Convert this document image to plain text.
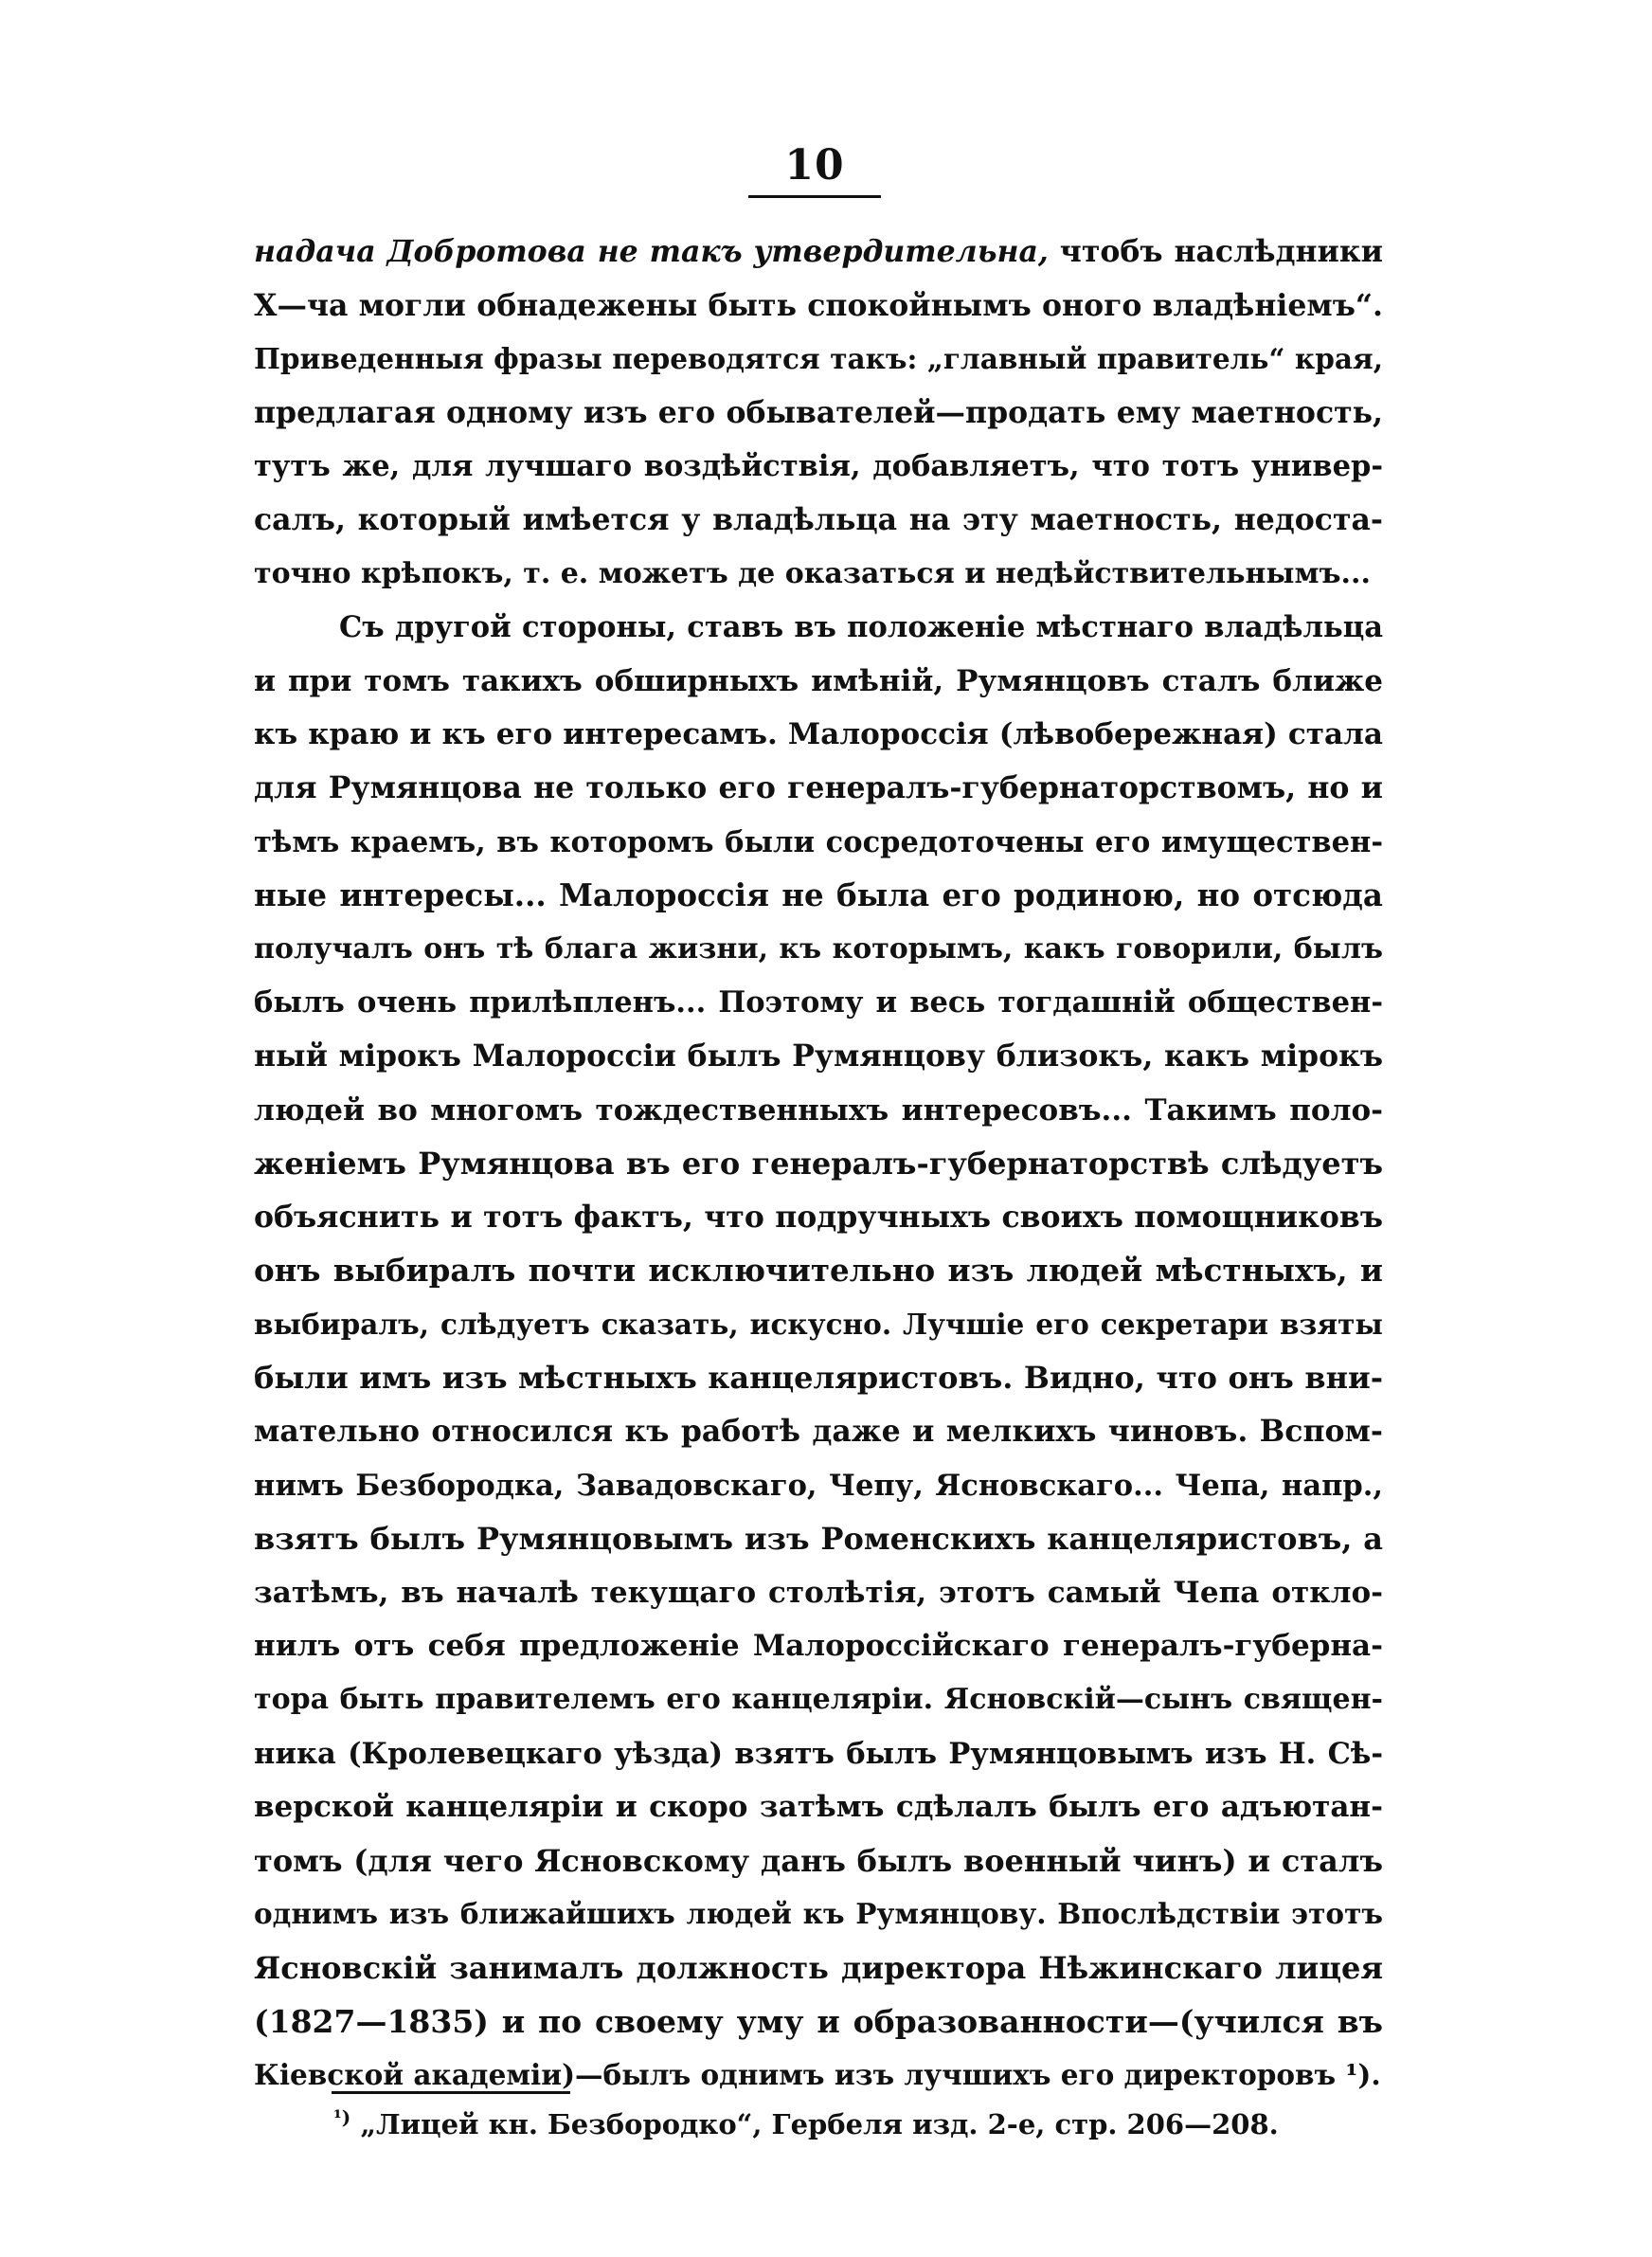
10
надача Добротова не такъ утвердительна, чтобъ наслѣдники
Х—ча могли обнадежены быть спокойнымъ оного владѣніемъ“.
Приведенныя фразы переводятся такъ: „главный правитель“ края,
предлагая одному изъ его обывателей—продать ему маетность,
тутъ же, для лучшаго воздѣйствія, добавляетъ, что тотъ универ-
салъ, который имѣется у владѣльца на эту маетность, недоста-
точно крѣпокъ, т. е. можетъ де оказаться и недѣйствительнымъ...
Съ другой стороны, ставъ въ положеніе мѣстнаго владѣльца
и при томъ такихъ обширныхъ имѣній, Румянцовъ сталъ ближе
къ краю и къ его интересамъ. Малороссія (лѣвобережная) стала
для Румянцова не только его генералъ-губернаторствомъ, но и
тѣмъ краемъ, въ которомъ были сосредоточены его имуществен-
ные интересы... Малороссія не была его родиною, но отсюда
получалъ онъ тѣ блага жизни, къ которымъ, какъ говорили, былъ
былъ очень прилѣпленъ... Поэтому и весь тогдашній обществен-
ный мірокъ Малороссіи былъ Румянцову близокъ, какъ мірокъ
людей во многомъ тождественныхъ интересовъ... Такимъ поло-
женіемъ Румянцова въ его генералъ-губернаторствѣ слѣдуетъ
объяснить и тотъ фактъ, что подручныхъ своихъ помощниковъ
онъ выбиралъ почти исключительно изъ людей мѣстныхъ, и
выбиралъ, слѣдуетъ сказать, искусно. Лучшіе его секретари взяты
были имъ изъ мѣстныхъ канцеляристовъ. Видно, что онъ вни-
мательно относился къ работѣ даже и мелкихъ чиновъ. Вспом-
нимъ Безбородка, Завадовскаго, Чепу, Ясновскаго... Чепа, напр.,
взятъ былъ Румянцовымъ изъ Роменскихъ канцеляристовъ, а
затѣмъ, въ началѣ текущаго столѣтія, этотъ самый Чепа откло-
нилъ отъ себя предложеніе Малороссійскаго генералъ-губерна-
тора быть правителемъ его канцеляріи. Ясновскій—сынъ священ-
ника (Кролевецкаго уѣзда) взятъ былъ Румянцовымъ изъ Н. Сѣ-
верской канцеляріи и скоро затѣмъ сдѣлалъ былъ его адъютан-
томъ (для чего Ясновскому данъ былъ военный чинъ) и сталъ
однимъ изъ ближайшихъ людей къ Румянцову. Впослѣдствіи этотъ
Ясновскій занималъ должность директора Нѣжинскаго лицея
(1827—1835) и по своему уму и образованности—(учился въ
Кіевской академіи)—былъ однимъ изъ лучшихъ его директоровъ ¹).
$^{^1)}$ „Лицей кн. Безбородко“, Гербеля изд. 2-е, стр. 206—208.
